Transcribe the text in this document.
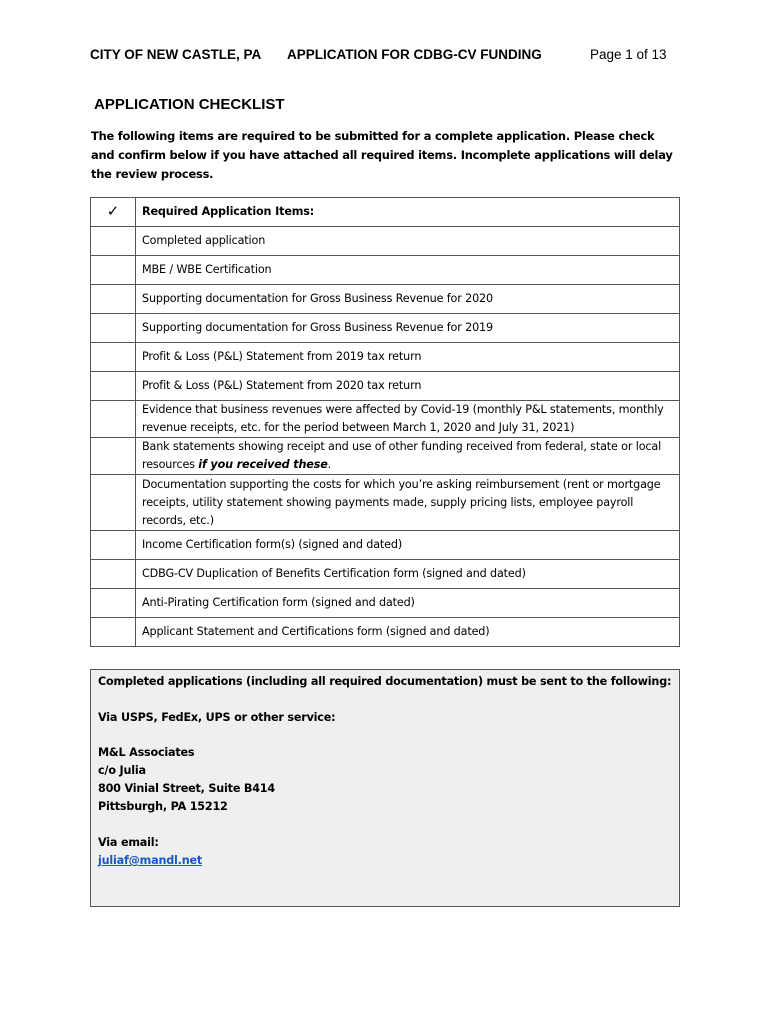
CITY OF NEW CASTLE, PA APPLICATION FOR CDBG-CV FUNDING	Page 1 of 13
APPLICATION CHECKLIST
The following items are required to be submitted for a complete application. Please check and confirm below if you have attached all required items. Incomplete applications will delay the review process.
✓	Required Application Items:
	Completed application
	MBE / WBE Certification
	Supporting documentation for Gross Business Revenue for 2020
	Supporting documentation for Gross Business Revenue for 2019
	Profit & Loss (P&L) Statement from 2019 tax return
	Profit & Loss (P&L) Statement from 2020 tax return
	Evidence that business revenues were affected by Covid-19 (monthly P&L statements, monthly revenue receipts, etc. for the period between March 1, 2020 and July 31, 2021)
	Bank statements showing receipt and use of other funding received from federal, state or local resources if you received these.
	Documentation supporting the costs for which you’re asking reimbursement (rent or mortgage receipts, utility statement showing payments made, supply pricing lists, employee payroll records, etc.)
	Income Certification form(s) (signed and dated)
	CDBG-CV Duplication of Benefits Certification form (signed and dated)
	Anti-Pirating Certification form (signed and dated)
	Applicant Statement and Certifications form (signed and dated)
Completed applications (including all required documentation) must be sent to the following:
Via USPS, FedEx, UPS or other service:
M&L Associates
c/o Julia
800 Vinial Street, Suite B414
Pittsburgh, PA 15212
Via email:
juliaf@mandl.net
